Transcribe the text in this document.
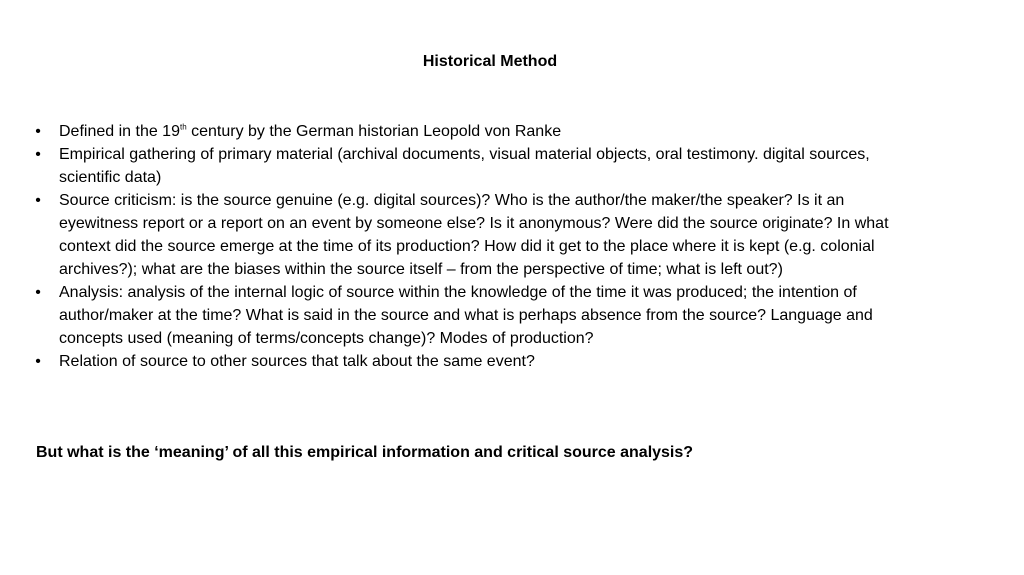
Historical Method
• Defined in the 19th century by the German historian Leopold von Ranke
• Empirical gathering of primary material (archival documents, visual material objects, oral testimony. digital sources, scientific data)
• Source criticism: is the source genuine (e.g. digital sources)? Who is the author/the maker/the speaker? Is it an eyewitness report or a report on an event by someone else? Is it anonymous? Were did the source originate? In what context did the source emerge at the time of its production? How did it get to the place where it is kept (e.g. colonial archives?); what are the biases within the source itself – from the perspective of time; what is left out?)
• Analysis: analysis of the internal logic of source within the knowledge of the time it was produced; the intention of author/maker at the time? What is said in the source and what is perhaps absence from the source? Language and concepts used (meaning of terms/concepts change)? Modes of production?
• Relation of source to other sources that talk about the same event?
But what is the ‘meaning’ of all this empirical information and critical source analysis?
